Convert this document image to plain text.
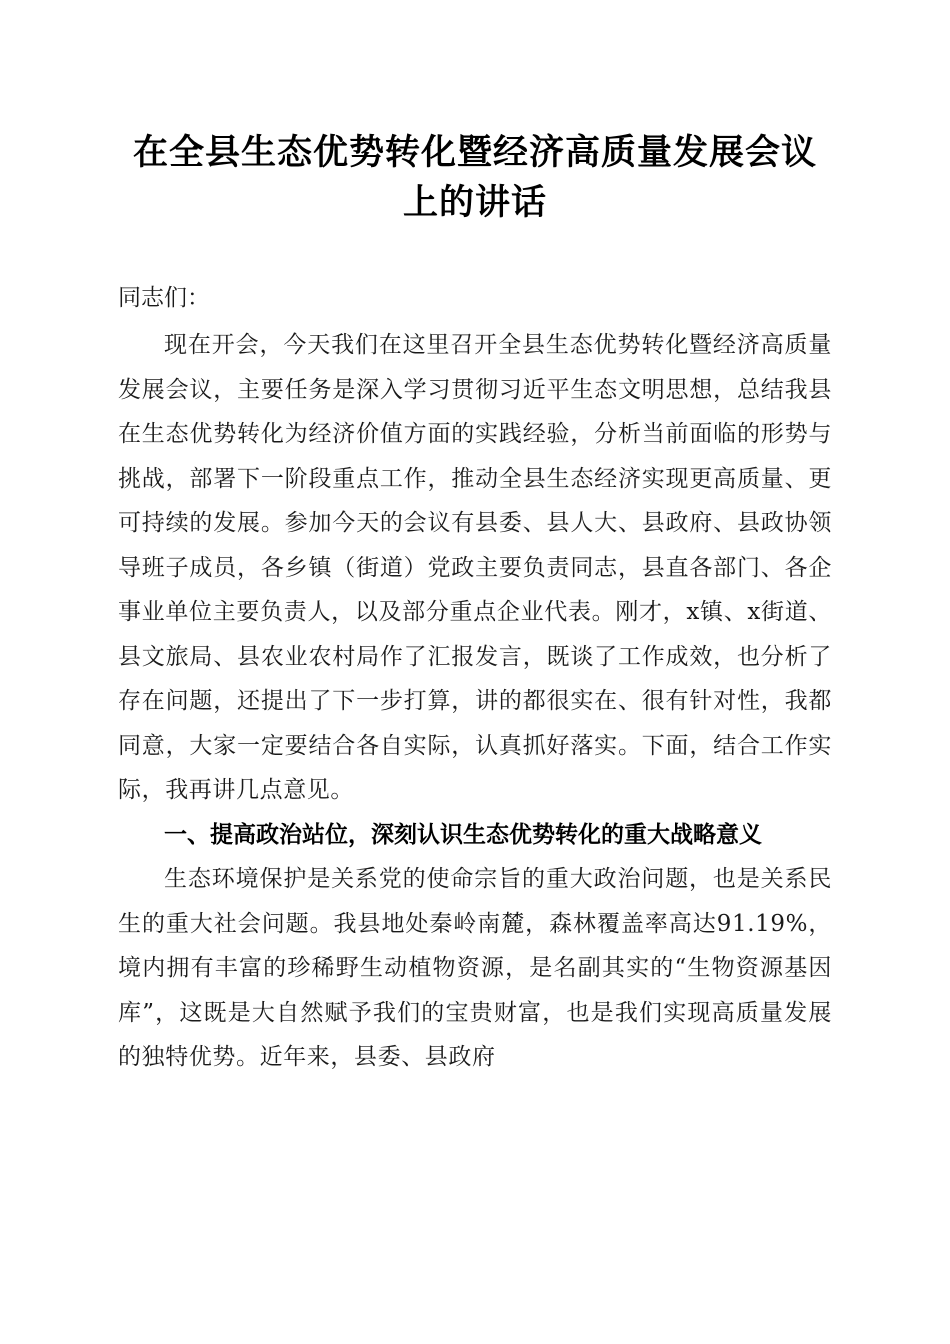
在全县生态优势转化暨经济高质量发展会议上的讲话

同志们：

现在开会，今天我们在这里召开全县生态优势转化暨经济高质量发展会议，主要任务是深入学习贯彻习近平生态文明思想，总结我县在生态优势转化为经济价值方面的实践经验，分析当前面临的形势与挑战，部署下一阶段重点工作，推动全县生态经济实现更高质量、更可持续的发展。参加今天的会议有县委、县人大、县政府、县政协领导班子成员，各乡镇（街道）党政主要负责同志，县直各部门、各企事业单位主要负责人，以及部分重点企业代表。刚才，x镇、x街道、县文旅局、县农业农村局作了汇报发言，既谈了工作成效，也分析了存在问题，还提出了下一步打算，讲的都很实在、很有针对性，我都同意，大家一定要结合各自实际，认真抓好落实。下面，结合工作实际，我再讲几点意见。

一、提高政治站位，深刻认识生态优势转化的重大战略意义

生态环境保护是关系党的使命宗旨的重大政治问题，也是关系民生的重大社会问题。我县地处秦岭南麓，森林覆盖率高达91.19%，境内拥有丰富的珍稀野生动植物资源，是名副其实的“生物资源基因库”，这既是大自然赋予我们的宝贵财富，也是我们实现高质量发展的独特优势。近年来，县委、县政府
